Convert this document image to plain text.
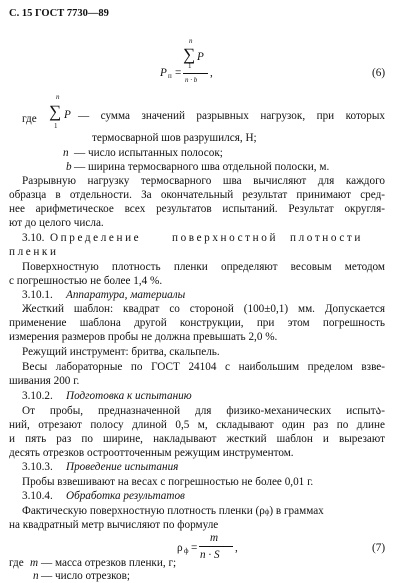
С. 15 ГОСТ 7730—89
n
∑ P
1
P п =
n · b
,	(6)
где
n
∑ P
1
— сумма значений разрывных нагрузок, при которых
термосварной шов разрушился, Н;
n — число испытанных полосок;
b — ширина термосварного шва отдельной полоски, м.
Разрывную нагрузку термосварного шва вычисляют для каждого
образца в отдельности. За окончательный результат принимают сред-
нее арифметическое всех результатов испытаний. Результат округля-
ют до целого числа.
3.10. Определение	поверхностной плотности
пленки
Поверхностную плотность пленки определяют весовым методом
с погрешностью не более 1,4 %.
3.10.1. Аппаратура, материалы
Жесткий шаблон: квадрат со стороной (100±0,1) мм. Допускается
применение шаблона другой конструкции, при этом погрешность
измерения размеров пробы не должна превышать 2,0 %.
Режущий инструмент: бритва, скальпель.
Весы лабораторные по ГОСТ 24104 с наибольшим пределом взве-
шивания 200 г.
3.10.2. Подготовка к испытанию
От пробы, предназначенной для физико-механических испытა-
ний, отрезают полосу длиной 0,5 м, складывают один раз по длине
и пять раз по ширине, накладывают жесткий шаблон и вырезают
десять отрезков остроотточенным режущим инструментом.
3.10.3. Проведение испытания
Пробы взвешивают на весах с погрешностью не более 0,01 г.
3.10.4. Обработка результатов
Фактическую поверхностную плотность пленки (ρф) в граммах
на квадратный метр вычисляют по формуле
ρ ф =
m
n · S
,	(7)
где m — масса отрезков пленки, г;
n — число отрезков;
